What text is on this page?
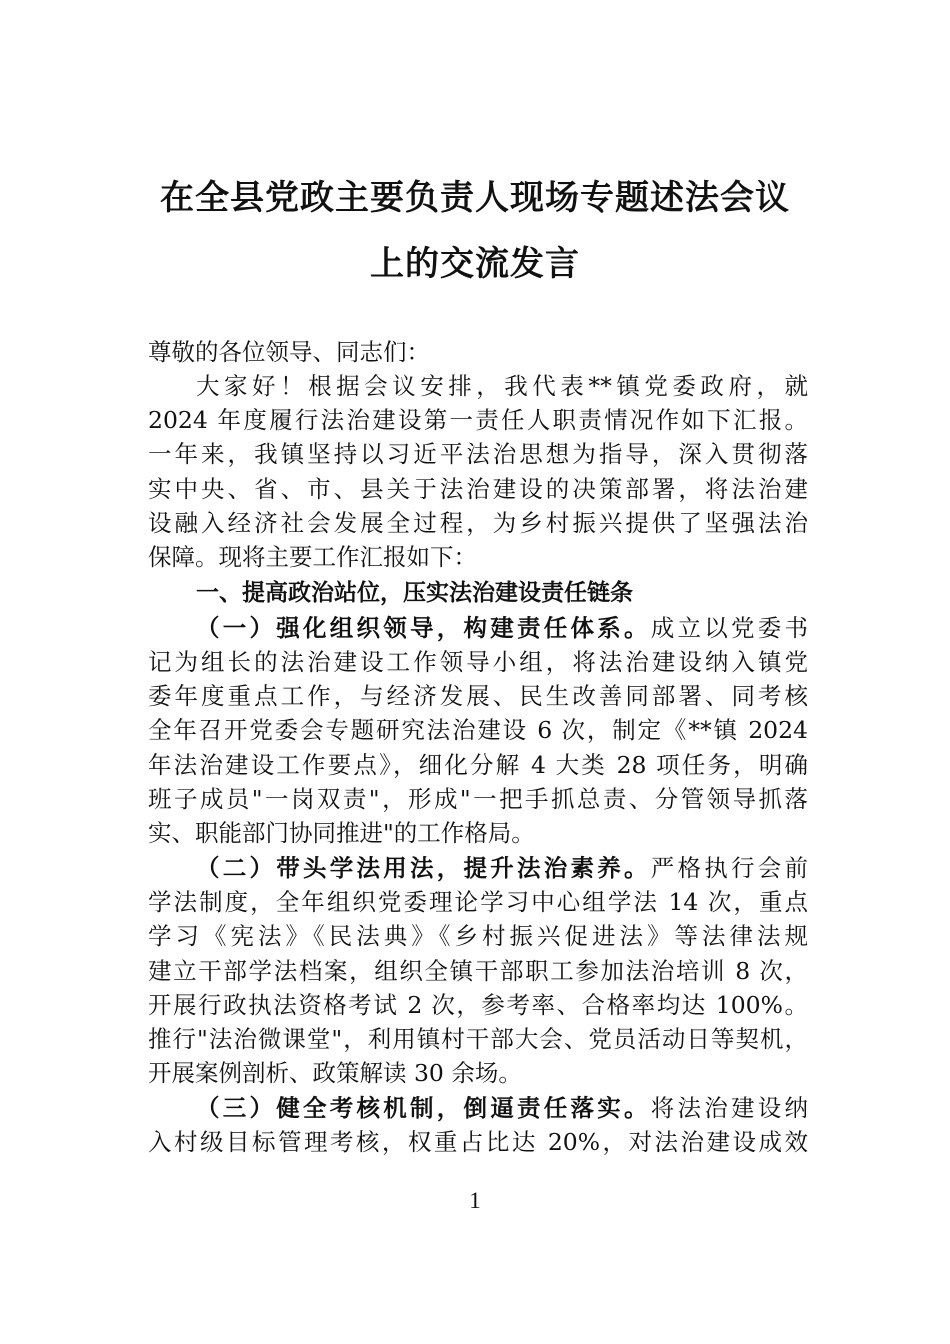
在全县党政主要负责人现场专题述法会议
上的交流发言
尊敬的各位领导、同志们：
大家好！根据会议安排，我代表**镇党委政府，就
2024 年度履行法治建设第一责任人职责情况作如下汇报。
一年来，我镇坚持以习近平法治思想为指导，深入贯彻落
实中央、省、市、县关于法治建设的决策部署，将法治建
设融入经济社会发展全过程，为乡村振兴提供了坚强法治
保障。现将主要工作汇报如下：
一、提高政治站位，压实法治建设责任链条
（一）强化组织领导，构建责任体系。成立以党委书
记为组长的法治建设工作领导小组，将法治建设纳入镇党
委年度重点工作，与经济发展、民生改善同部署、同考核
全年召开党委会专题研究法治建设 6 次，制定《**镇 2024
年法治建设工作要点》，细化分解 4 大类 28 项任务，明确
班子成员"一岗双责"，形成"一把手抓总责、分管领导抓落
实、职能部门协同推进"的工作格局。
（二）带头学法用法，提升法治素养。严格执行会前
学法制度，全年组织党委理论学习中心组学法 14 次，重点
学习《宪法》《民法典》《乡村振兴促进法》等法律法规
建立干部学法档案，组织全镇干部职工参加法治培训 8 次，
开展行政执法资格考试 2 次，参考率、合格率均达 100%。
推行"法治微课堂"，利用镇村干部大会、党员活动日等契机，
开展案例剖析、政策解读 30 余场。
（三）健全考核机制，倒逼责任落实。将法治建设纳
入村级目标管理考核，权重占比达 20%，对法治建设成效
1
